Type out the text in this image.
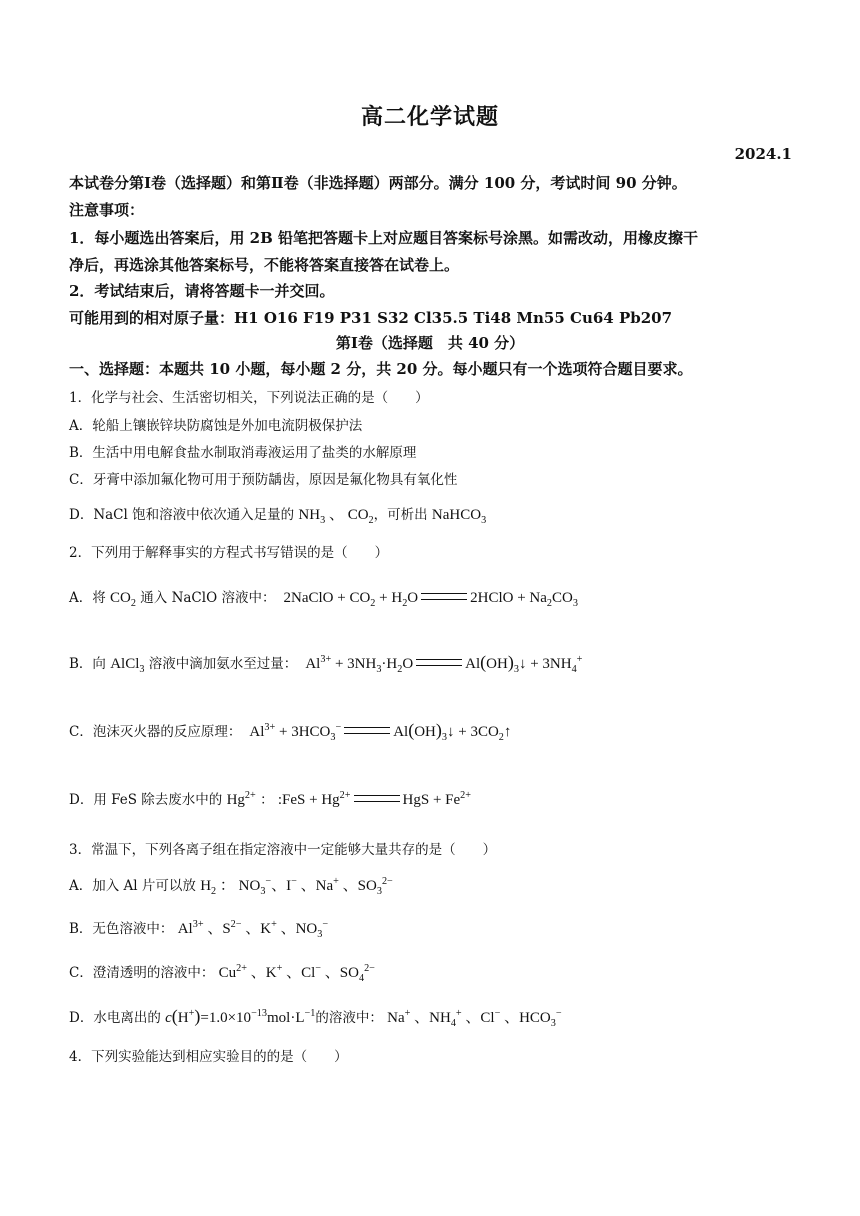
高二化学试题
2024.1
本试卷分第Ⅰ卷（选择题）和第Ⅱ卷（非选择题）两部分。满分 100 分，考试时间 90 分钟。
注意事项：
1．每小题选出答案后，用 2B 铅笔把答题卡上对应题目答案标号涂黑。如需改动，用橡皮擦干
净后，再选涂其他答案标号，不能将答案直接答在试卷上。
2．考试结束后，请将答题卡一并交回。
可能用到的相对原子量：H1 O16 F19 P31 S32 Cl35.5 Ti48 Mn55 Cu64 Pb207
第Ⅰ卷（选择题　共 40 分）
一、选择题：本题共 10 小题，每小题 2 分，共 20 分。每小题只有一个选项符合题目要求。
1．化学与社会、生活密切相关，下列说法正确的是（　　）
A．轮船上镶嵌锌块防腐蚀是外加电流阴极保护法
B．生活中用电解食盐水制取消毒液运用了盐类的水解原理
C．牙膏中添加氟化物可用于预防龋齿，原因是氟化物具有氧化性
D．NaCl 饱和溶液中依次通入足量的 $NH_3$ 、 $CO_2$，可析出 NaHCO$_3$
2．下列用于解释事实的方程式书写错误的是（　　）
A．将 $CO_2$ 通入 NaClO 溶液中：  2NaClO + $CO_2 + H_2O$	2HClO + $Na_2CO_3$
B．向 AlCl$_3$ 溶液中滴加氨水至过量：  $Al^{3+} + 3NH_3\cdot H_2O$	$Al(OH)_3↓ + 3NH_4^+$
C．泡沫灭火器的反应原理：  $Al^{3+} + 3HCO_3^-$	$Al(OH)_3↓$ + $3CO_2↑$
D．用 FeS 除去废水中的 $Hg^{2+}$ ： :FeS + $Hg^{2+}$	HgS + $Fe^{2+}$
3．常温下，下列各离子组在指定溶液中一定能够大量共存的是（　　）
A．加入 Al 片可以放 $H_2$ ： $NO_3^-$、I− 、Na+ 、$SO_3^{2-}$
B．无色溶液中： $Al^{3+}$ 、$S^{2-}$ 、K+ 、$NO_3^-$
C．澄清透明的溶液中： $Cu^{2+}$ 、K+ 、Cl− 、$SO_4^{2-}$
D．水电离出的 $c(H^+)=1.0\times 10^{-13}mol\cdot L^{-1}$的溶液中： Na+ 、$NH_4^+$ 、Cl− 、$HCO_3^-$
4．下列实验能达到相应实验目的的是（　　）
